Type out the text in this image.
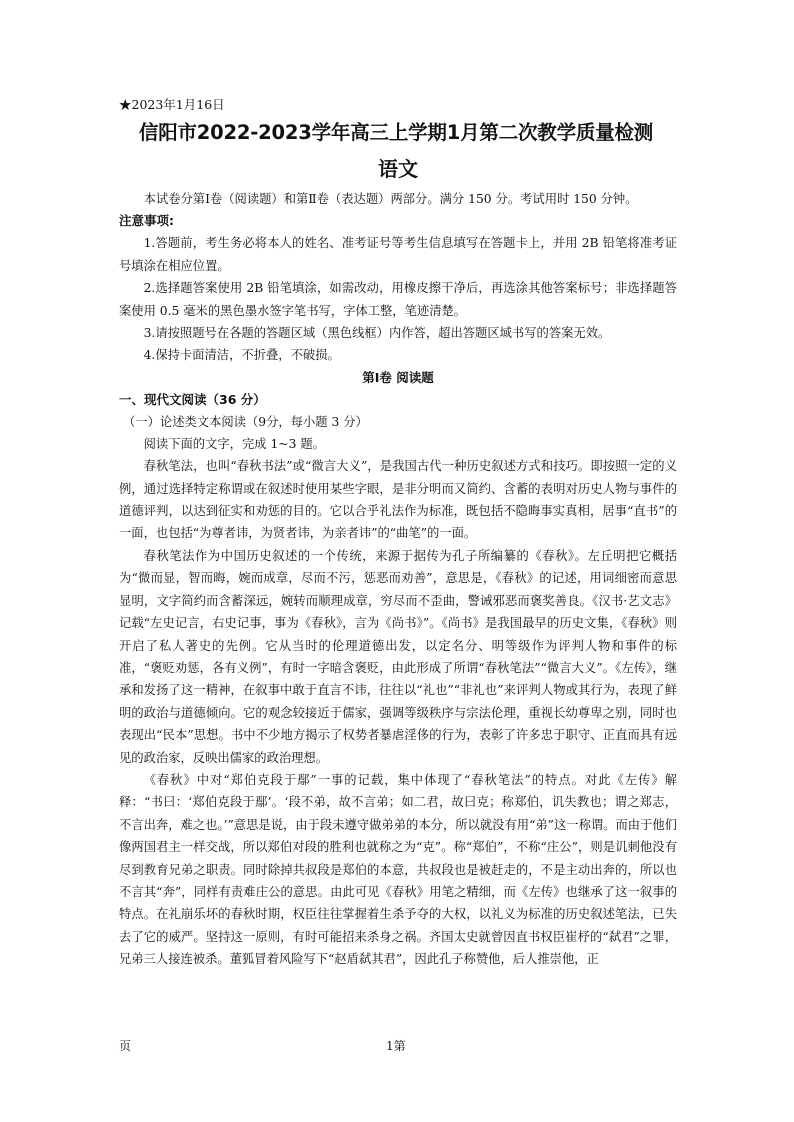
★2023年1月16日

信阳市2022-2023学年高三上学期1月第二次教学质量检测
语文

本试卷分第Ⅰ卷（阅读题）和第Ⅱ卷（表达题）两部分。满分 150 分。考试用时 150 分钟。

注意事项:

1.答题前，考生务必将本人的姓名、准考证号等考生信息填写在答题卡上，并用 2B 铅笔将准考证号填涂在相应位置。

2.选择题答案使用 2B 铅笔填涂，如需改动，用橡皮擦干净后，再选涂其他答案标号；非选择题答案使用 0.5 毫米的黑色墨水签字笔书写，字体工整，笔迹清楚。

3.请按照题号在各题的答题区域（黑色线框）内作答，超出答题区域书写的答案无效。

4.保持卡面清洁，不折叠，不破损。

第Ⅰ卷 阅读题
一、现代文阅读（36 分）
（一）论述类文本阅读（9分，每小题 3 分）

阅读下面的文字，完成 1~3 题。

春秋笔法，也叫“春秋书法”或“微言大义”，是我国古代一种历史叙述方式和技巧。即按照一定的义例，通过选择特定称谓或在叙述时使用某些字眼，是非分明而又简约、含蓄的表明对历史人物与事件的道德评判，以达到征实和劝惩的目的。它以合乎礼法作为标准，既包括不隐晦事实真相，居事“直书”的一面，也包括“为尊者讳，为贤者讳，为亲者讳”的“曲笔”的一面。

春秋笔法作为中国历史叙述的一个传统，来源于据传为孔子所编纂的《春秋》。左丘明把它概括为“微而显，智而晦，婉而成章，尽而不污，惩恶而劝善”，意思是，《春秋》的记述，用词细密而意思显明，文字简约而含蓄深远，婉转而顺理成章，穷尽而不歪曲，警诫邪恶而褒奖善良。《汉书·艺文志》记载“左史记言，右史记事，事为《春秋》，言为《尚书》”。《尚书》是我国最早的历史文集，《春秋》则开启了私人著史的先例。它从当时的伦理道德出发，以定名分、明等级作为评判人物和事件的标准，“褒贬劝惩，各有义例”，有时一字暗含褒贬，由此形成了所谓“春秋笔法”“微言大义”。《左传》，继承和发扬了这一精神，在叙事中敢于直言不讳，往往以“礼也”“非礼也”来评判人物或其行为，表现了鲜明的政治与道德倾向。它的观念较接近于儒家，强调等级秩序与宗法伦理，重视长幼尊卑之别，同时也表现出“民本”思想。书中不少地方揭示了权势者暴虐淫侈的行为，表彰了许多忠于职守、正直而具有远见的政治家，反映出儒家的政治理想。

《春秋》中对“郑伯克段于鄢”一事的记载，集中体现了“春秋笔法”的特点。对此《左传》解释：“书曰：‘郑伯克段于鄢’。‘段不弟，故不言弟；如二君，故曰克；称郑伯，讥失教也；谓之郑志，不言出奔，难之也。’”意思是说，由于段未遵守做弟弟的本分，所以就没有用“弟”这一称谓。而由于他们像两国君主一样交战，所以郑伯对段的胜利也就称之为“克”。称“郑伯”，不称“庄公”，则是讥刺他没有尽到教育兄弟之职责。同时除掉共叔段是郑伯的本意，共叔段也是被赶走的，不是主动出奔的，所以也不言其“奔”，同样有责难庄公的意思。由此可见《春秋》用笔之精细，而《左传》也继承了这一叙事的特点。在礼崩乐坏的春秋时期，权臣往往掌握着生杀予夺的大权，以礼义为标准的历史叙述笔法，已失去了它的威严。坚持这一原则，有时可能招来杀身之祸。齐国太史就曾因直书权臣崔杼的“弑君”之罪，兄弟三人接连被杀。董狐冒着风险写下“赵盾弑其君”，因此孔子称赞他，后人推崇他，正

页	1第
